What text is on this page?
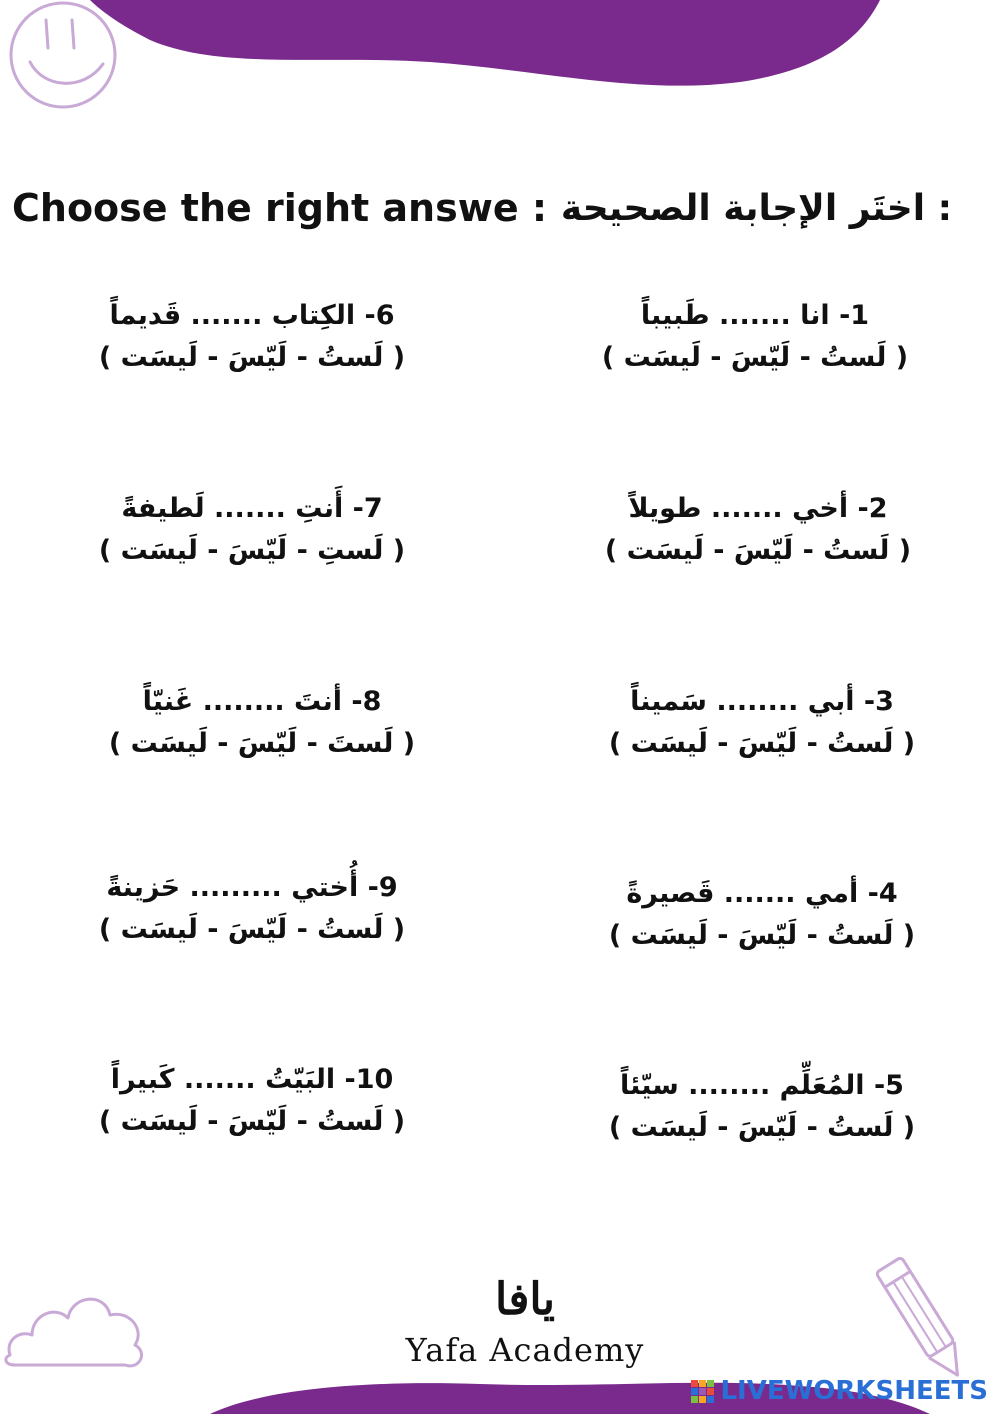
Choose the right answe : : اختَر الإجابة الصحيحة
1- انا ....... طَبيباً
( لَستُ - لَيّسَ - لَيسَت )
2- أخي ....... طويلاً
( لَستُ - لَيّسَ - لَيسَت )
3- أبي ........ سَميناً
( لَستُ - لَيّسَ - لَيسَت )
4- أمي ....... قَصيرةً
( لَستُ - لَيّسَ - لَيسَت )
5- المُعَلِّم ........ سيّئاً
( لَستُ - لَيّسَ - لَيسَت )
6- الكِتاب ....... قَديماً
( لَستُ - لَيّسَ - لَيسَت )
7- أَنتِ ....... لَطيفةً
( لَستِ - لَيّسَ - لَيسَت )
8- أنتَ ........ غَنيّاً
( لَستَ - لَيّسَ - لَيسَت )
9- أُختي ......... حَزينةً
( لَستُ - لَيّسَ - لَيسَت )
10- البَيّتُ ....... كَبيراً
( لَستُ - لَيّسَ - لَيسَت )
يافا
Yafa Academy
LIVEWORKSHEETS
